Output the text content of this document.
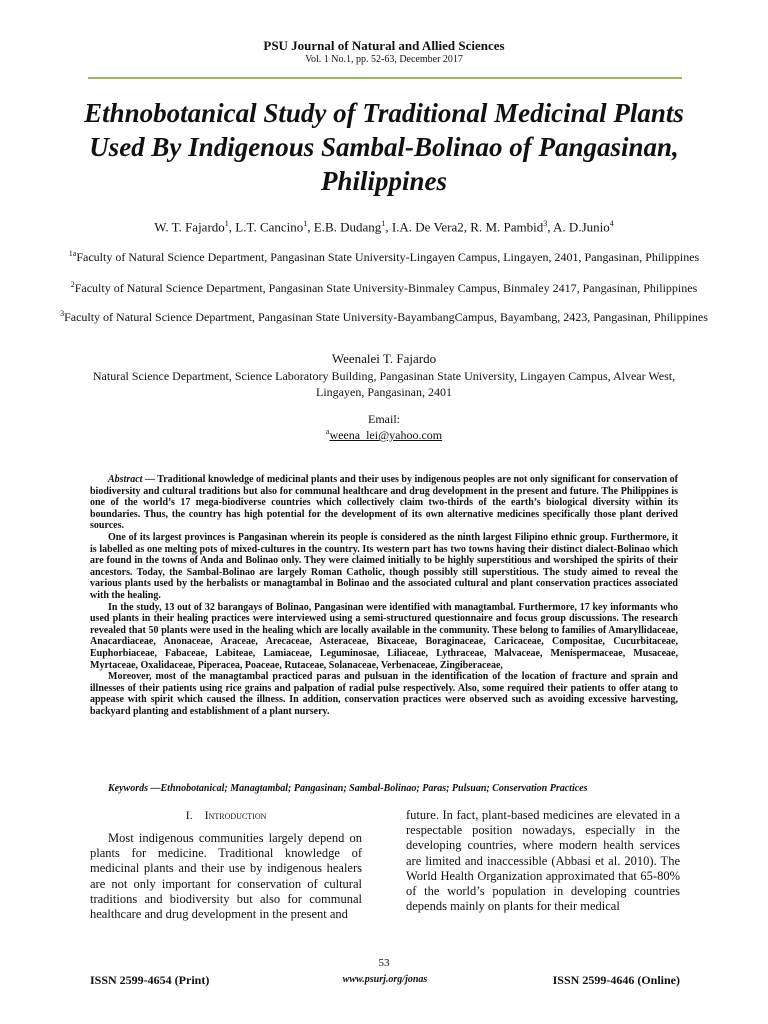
PSU Journal of Natural and Allied Sciences
Vol. 1 No.1, pp. 52-63, December 2017
Ethnobotanical Study of Traditional Medicinal Plants Used By Indigenous Sambal-Bolinao of Pangasinan, Philippines
W. T. Fajardo$^1$, L.T. Cancino$^1$, E.B. Dudang$^1$, I.A. De Vera2, R. M. Pambid$^3$, A. D.Junio$^4$
$^{1a}$Faculty of Natural Science Department, Pangasinan State University-Lingayen Campus, Lingayen, 2401, Pangasinan, Philippines
$^2$Faculty of Natural Science Department, Pangasinan State University-Binmaley Campus, Binmaley 2417, Pangasinan, Philippines
$^3$Faculty of Natural Science Department, Pangasinan State University-BayambangCampus, Bayambang, 2423, Pangasinan, Philippines
Weenalei T. Fajardo
Natural Science Department, Science Laboratory Building, Pangasinan State University, Lingayen Campus, Alvear West, Lingayen, Pangasinan, 2401
Email:
$^a$weena_lei@yahoo.com

Abstract — Traditional knowledge of medicinal plants and their uses by indigenous peoples are not only significant for conservation of biodiversity and cultural traditions but also for communal healthcare and drug development in the present and future. The Philippines is one of the world’s 17 mega-biodiverse countries which collectively claim two-thirds of the earth’s biological diversity within its boundaries. Thus, the country has high potential for the development of its own alternative medicines specifically those plant derived sources.

One of its largest provinces is Pangasinan wherein its people is considered as the ninth largest Filipino ethnic group. Furthermore, it is labelled as one melting pots of mixed-cultures in the country. Its western part has two towns having their distinct dialect-Bolinao which are found in the towns of Anda and Bolinao only. They were claimed initially to be highly superstitious and worshiped the spirits of their ancestors. Today, the Sambal-Bolinao are largely Roman Catholic, though possibly still superstitious. The study aimed to reveal the various plants used by the herbalists or managtambal in Bolinao and the associated cultural and plant conservation practices associated with the healing.

In the study, 13 out of 32 barangays of Bolinao, Pangasinan were identified with managtambal. Furthermore, 17 key informants who used plants in their healing practices were interviewed using a semi-structured questionnaire and focus group discussions. The research revealed that 50 plants were used in the healing which are locally available in the community. These belong to families of Amaryllidaceae, Anacardiaceae, Anonaceae, Araceae, Arecaceae, Asteraceae, Bixaceae, Boraginaceae, Caricaceae, Compositae, Cucurbitaceae, Euphorbiaceae, Fabaceae, Labiteae, Lamiaceae, Leguminosae, Liliaceae, Lythraceae, Malvaceae, Menispermaceae, Musaceae, Myrtaceae, Oxalidaceae, Piperacea, Poaceae, Rutaceae, Solanaceae, Verbenaceae, Zingiberaceae,

Moreover, most of the managtambal practiced paras and pulsuan in the identification of the location of fracture and sprain and illnesses of their patients using rice grains and palpation of radial pulse respectively. Also, some required their patients to offer atang to appease with spirit which caused the illness. In addition, conservation practices were observed such as avoiding excessive harvesting, backyard planting and establishment of a plant nursery.

Keywords —Ethnobotanical; Managtambal; Pangasinan; Sambal-Bolinao; Paras; Pulsuan; Conservation Practices
I. Introduction

Most indigenous communities largely depend on plants for medicine. Traditional knowledge of medicinal plants and their use by indigenous healers are not only important for conservation of cultural traditions and biodiversity but also for communal healthcare and drug development in the present and

future. In fact, plant-based medicines are elevated in a respectable position nowadays, especially in the developing countries, where modern health services are limited and inaccessible (Abbasi et al. 2010). The World Health Organization approximated that 65-80% of the world’s population in developing countries depends mainly on plants for their medical

53
ISSN 2599-4654 (Print)	www.psurj.org/jonas	ISSN 2599-4646 (Online)
